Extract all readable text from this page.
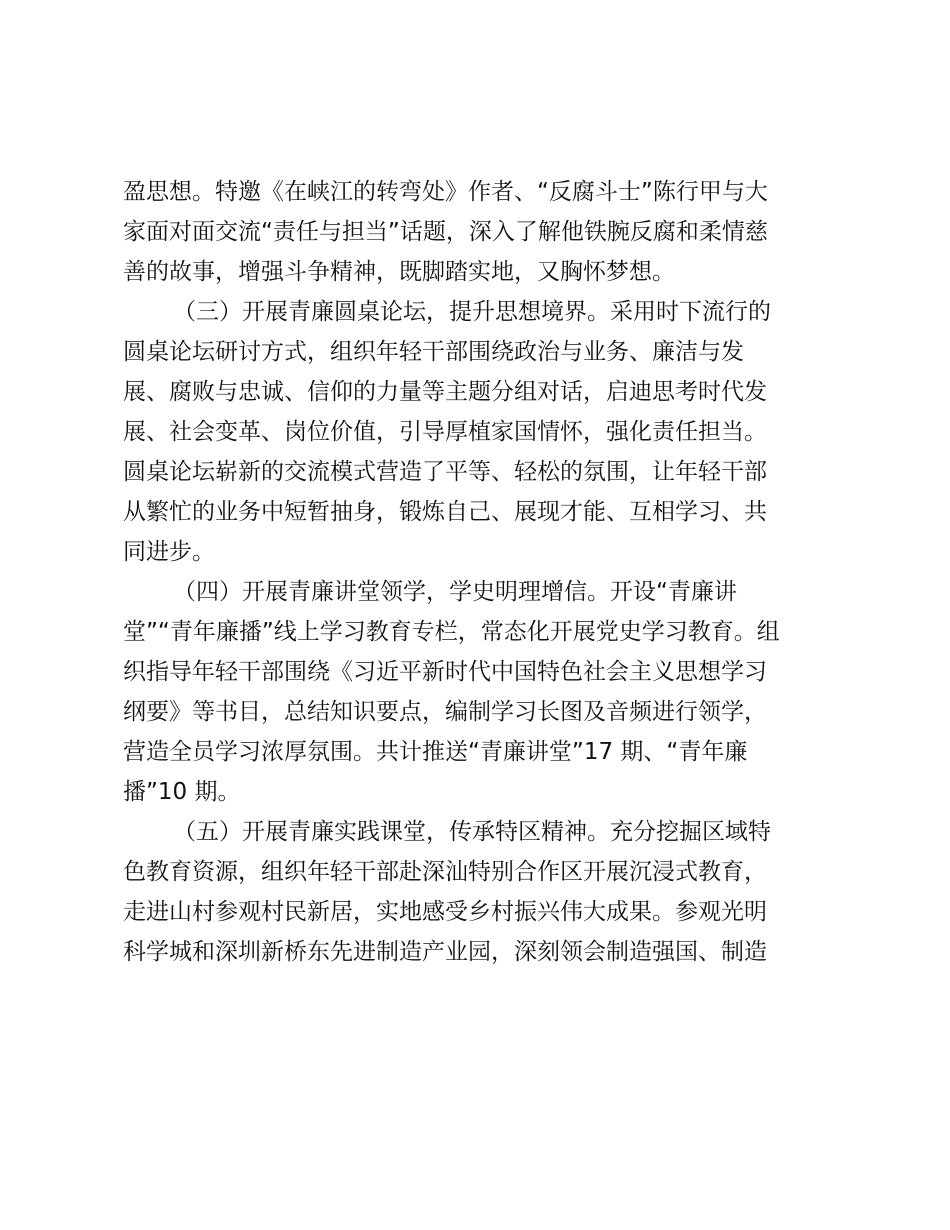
盈思想。特邀《在峡江的转弯处》作者、“反腐斗士”陈行甲与大
家面对面交流“责任与担当”话题，深入了解他铁腕反腐和柔情慈
善的故事，增强斗争精神，既脚踏实地，又胸怀梦想。
（三）开展青廉圆桌论坛，提升思想境界。采用时下流行的
圆桌论坛研讨方式，组织年轻干部围绕政治与业务、廉洁与发
展、腐败与忠诚、信仰的力量等主题分组对话，启迪思考时代发
展、社会变革、岗位价值，引导厚植家国情怀，强化责任担当。
圆桌论坛崭新的交流模式营造了平等、轻松的氛围，让年轻干部
从繁忙的业务中短暂抽身，锻炼自己、展现才能、互相学习、共
同进步。
（四）开展青廉讲堂领学，学史明理增信。开设“青廉讲
堂”“青年廉播”线上学习教育专栏，常态化开展党史学习教育。组
织指导年轻干部围绕《习近平新时代中国特色社会主义思想学习
纲要》等书目，总结知识要点，编制学习长图及音频进行领学，
营造全员学习浓厚氛围。共计推送“青廉讲堂”17 期、“青年廉
播”10 期。
（五）开展青廉实践课堂，传承特区精神。充分挖掘区域特
色教育资源，组织年轻干部赴深汕特别合作区开展沉浸式教育，
走进山村参观村民新居，实地感受乡村振兴伟大成果。参观光明
科学城和深圳新桥东先进制造产业园，深刻领会制造强国、制造
